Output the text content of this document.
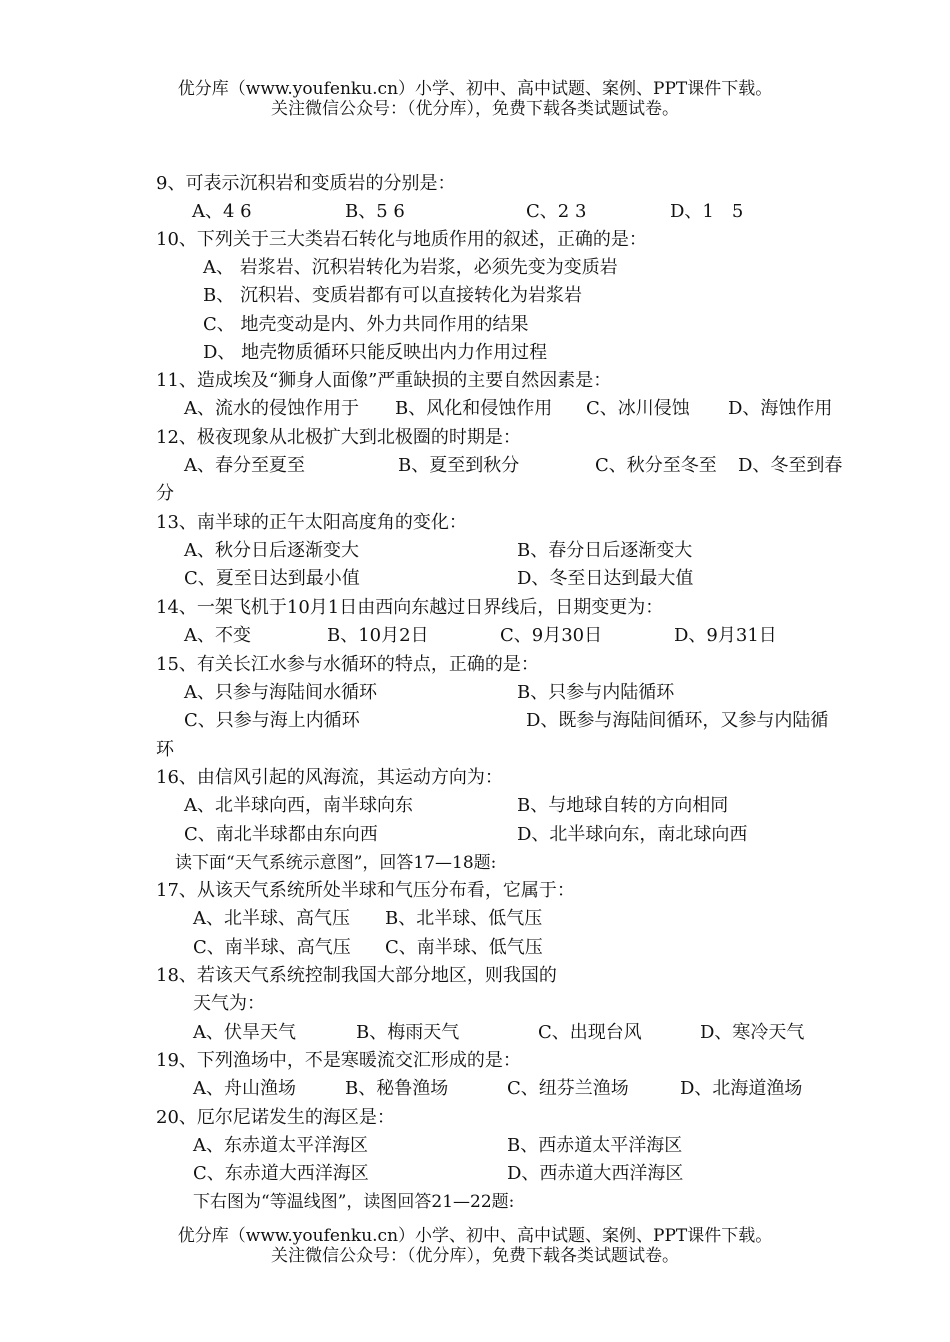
优分库（www.youfenku.cn）小学、初中、高中试题、案例、PPT课件下载。
关注微信公众号：（优分库），免费下载各类试题试卷。
9、可表示沉积岩和变质岩的分别是：
A、4 6	B、5 6	C、2 3	D、1　5
10、下列关于三大类岩石转化与地质作用的叙述，正确的是：
A、 岩浆岩、沉积岩转化为岩浆，必须先变为变质岩
B、 沉积岩、变质岩都有可以直接转化为岩浆岩
C、 地壳变动是内、外力共同作用的结果
D、 地壳物质循环只能反映出内力作用过程
11、造成埃及“狮身人面像”严重缺损的主要自然因素是：
A、流水的侵蚀作用于 B、风化和侵蚀作用 C、冰川侵蚀 D、海蚀作用
12、极夜现象从北极扩大到北极圈的时期是：
A、春分至夏至	B、夏至到秋分	C、秋分至冬至 D、冬至到春
分
13、南半球的正午太阳高度角的变化：
A、秋分日后逐渐变大	B、春分日后逐渐变大
C、夏至日达到最小值	D、冬至日达到最大值
14、一架飞机于10月1日由西向东越过日界线后，日期变更为：
A、不变	B、10月2日	C、9月30日	D、9月31日
15、有关长江水参与水循环的特点，正确的是：
A、只参与海陆间水循环	B、只参与内陆循环
C、只参与海上内循环	D、既参与海陆间循环，又参与内陆循
环
16、由信风引起的风海流，其运动方向为：
A、北半球向西，南半球向东	B、与地球自转的方向相同
C、南北半球都由东向西	D、北半球向东，南北球向西
读下面“天气系统示意图”，回答17—18题:
17、从该天气系统所处半球和气压分布看，它属于：
A、北半球、高气压 B、北半球、低气压
C、南半球、高气压 C、南半球、低气压
18、若该天气系统控制我国大部分地区，则我国的
天气为：
A、伏旱天气	B、梅雨天气	C、出现台风	D、寒冷天气
19、下列渔场中，不是寒暖流交汇形成的是：
A、舟山渔场	B、秘鲁渔场	C、纽芬兰渔场	D、北海道渔场
20、厄尔尼诺发生的海区是：
A、东赤道太平洋海区	B、西赤道太平洋海区
C、东赤道大西洋海区	D、西赤道大西洋海区
下右图为“等温线图”，读图回答21—22题:
优分库（www.youfenku.cn）小学、初中、高中试题、案例、PPT课件下载。
关注微信公众号：（优分库），免费下载各类试题试卷。
